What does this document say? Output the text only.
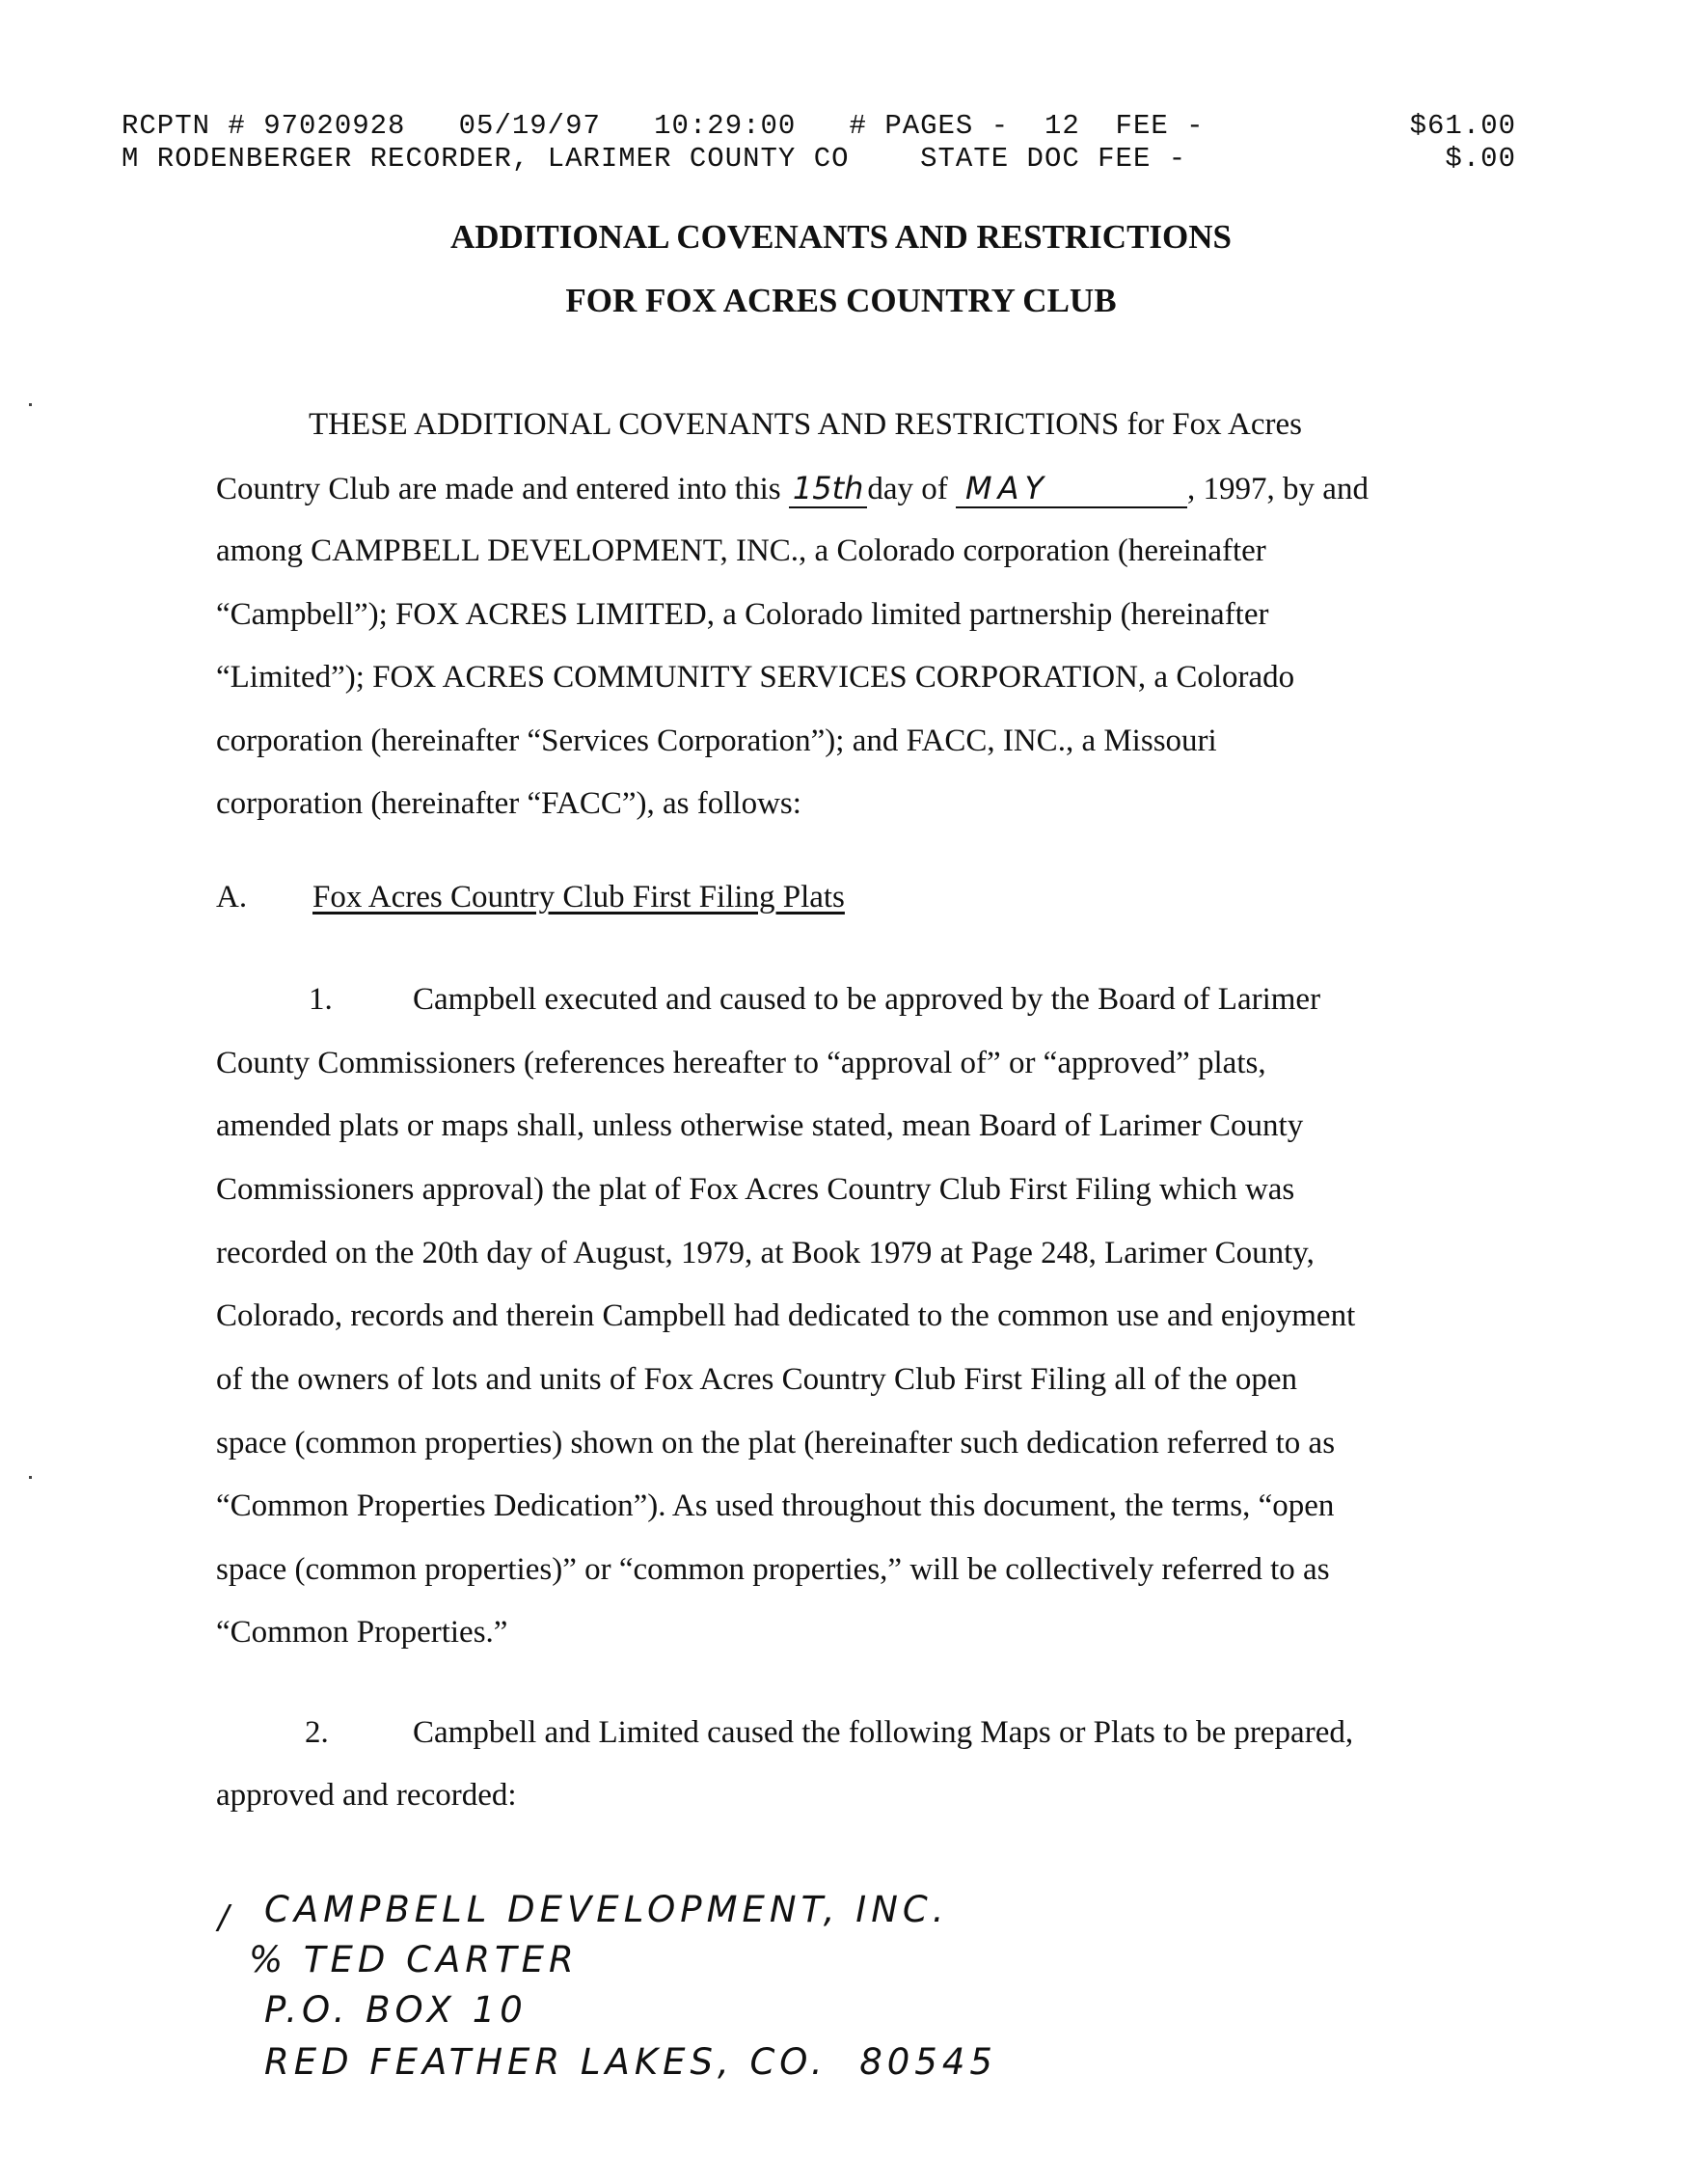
RCPTN # 97020928   05/19/97   10:29:00   # PAGES -  12  FEE -	$61.00
M RODENBERGER RECORDER, LARIMER COUNTY CO    STATE DOC FEE -	$.00
ADDITIONAL COVENANTS AND RESTRICTIONS
FOR FOX ACRES COUNTRY CLUB
THESE ADDITIONAL COVENANTS AND RESTRICTIONS for Fox Acres
Country Club are made and entered into this 15th day of MAY	, 1997, by and
among CAMPBELL DEVELOPMENT, INC., a Colorado corporation (hereinafter
“Campbell”); FOX ACRES LIMITED, a Colorado limited partnership (hereinafter
“Limited”); FOX ACRES COMMUNITY SERVICES CORPORATION, a Colorado
corporation (hereinafter “Services Corporation”); and FACC, INC., a Missouri
corporation (hereinafter “FACC”), as follows:
A. Fox Acres Country Club First Filing Plats
1.	Campbell executed and caused to be approved by the Board of Larimer
County Commissioners (references hereafter to “approval of” or “approved” plats,
amended plats or maps shall, unless otherwise stated, mean Board of Larimer County
Commissioners approval) the plat of Fox Acres Country Club First Filing which was
recorded on the 20th day of August, 1979, at Book 1979 at Page 248, Larimer County,
Colorado, records and therein Campbell had dedicated to the common use and enjoyment
of the owners of lots and units of Fox Acres Country Club First Filing all of the open
space (common properties) shown on the plat (hereinafter such dedication referred to as
“Common Properties Dedication”). As used throughout this document, the terms, “open
space (common properties)” or “common properties,” will be collectively referred to as
“Common Properties.”
2.	Campbell and Limited caused the following Maps or Plats to be prepared,
approved and recorded:
/ CAMPBELL DEVELOPMENT, INC.
% TED CARTER
P.O. BOX 10
RED FEATHER LAKES, CO.  80545
